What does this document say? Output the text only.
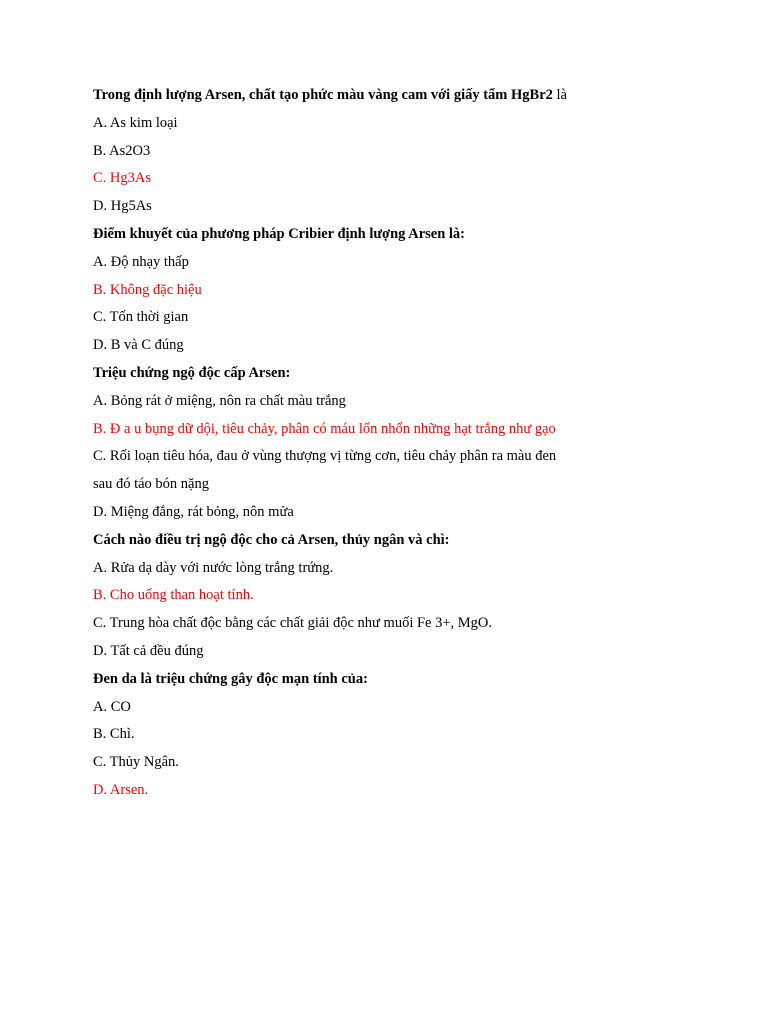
Trong định lượng Arsen, chất tạo phức màu vàng cam với giấy tẩm HgBr2 là
A. As kim loại
B. As2O3
C. Hg3As
D. Hg5As
Điểm khuyết của phương pháp Cribier định lượng Arsen là:
A. Độ nhạy thấp
B. Không đặc hiệu
C. Tốn thời gian
D. B và C đúng
Triệu chứng ngộ độc cấp Arsen:
A. Bỏng rát ở miệng, nôn ra chất màu trắng
B. Đ a u bụng dữ dội, tiêu chảy, phân có máu lổn nhổn những hạt trắng như gạo
C. Rối loạn tiêu hóa, đau ở vùng thượng vị từng cơn, tiêu chảy phân ra màu đen
sau đó táo bón nặng
D. Miệng đắng, rát bỏng, nôn mửa
Cách nào điều trị ngộ độc cho cả Arsen, thủy ngân và chì:
A. Rửa dạ dày với nước lòng trắng trứng.
B. Cho uống than hoạt tính.
C. Trung hòa chất độc bằng các chất giải độc như muối Fe 3+, MgO.
D. Tất cả đều đúng
Đen da là triệu chứng gây độc mạn tính của:
A. CO
B. Chì.
C. Thủy Ngân.
D. Arsen.
